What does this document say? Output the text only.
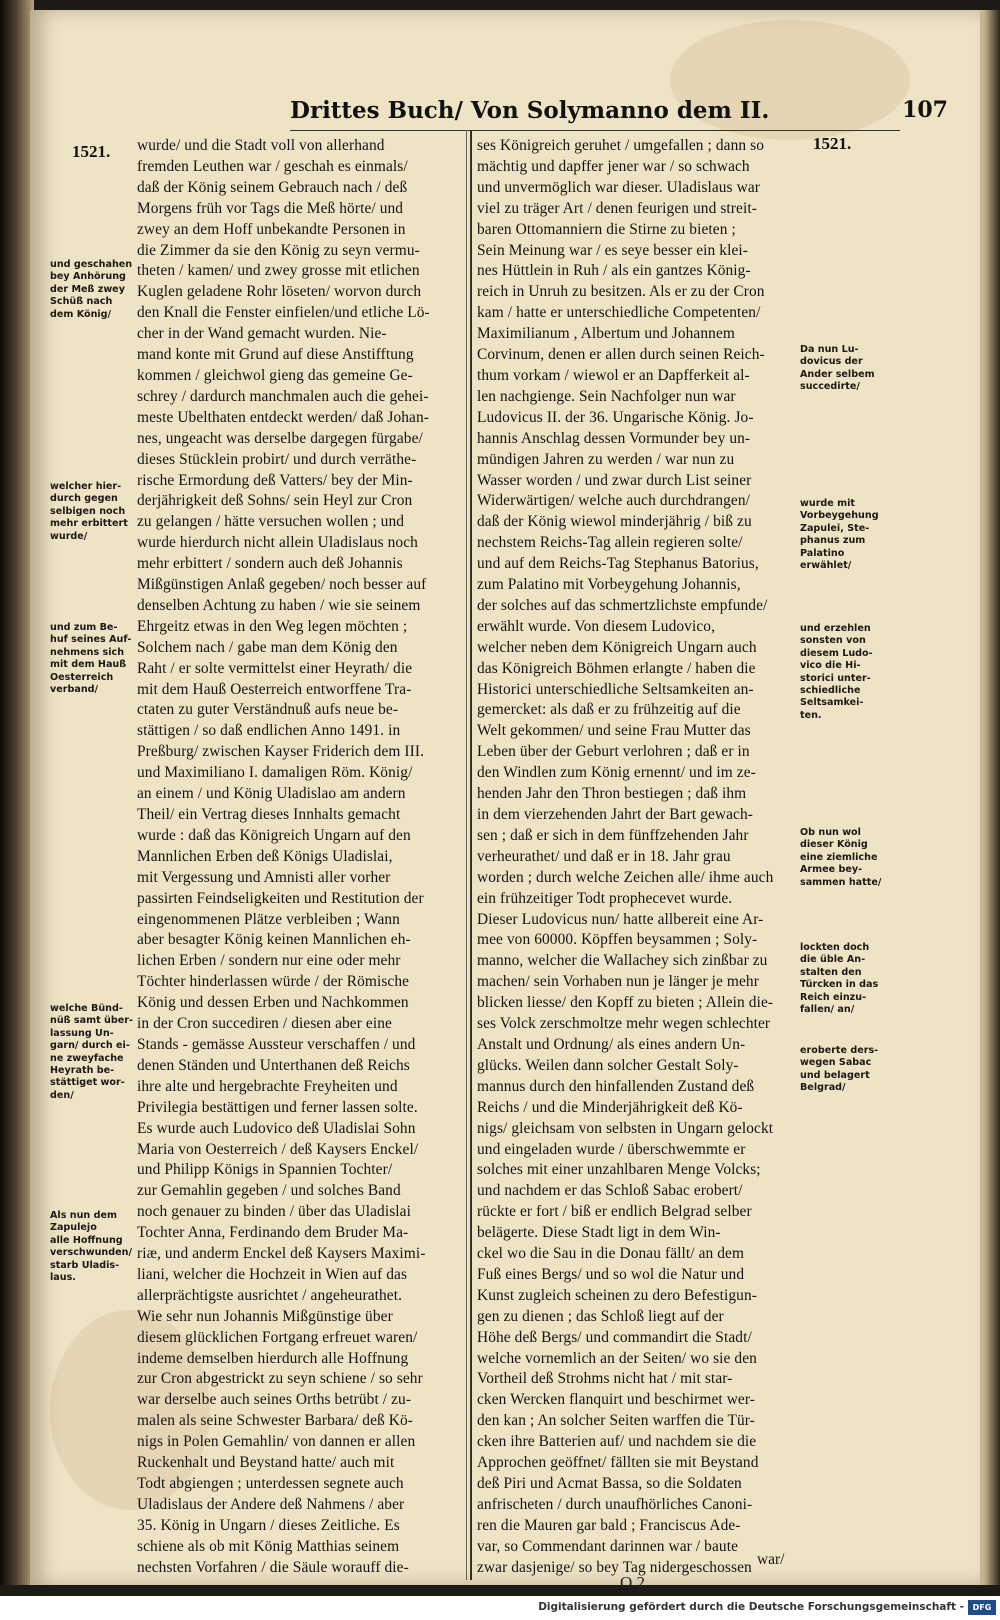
Drittes Buch/ Von Solymanno dem II.	107
1521.	1521.
wurde/ und die Stadt voll von allerhand
fremden Leuthen war / geschah es einmals/
daß der König seinem Gebrauch nach / deß
Morgens früh vor Tags die Meß hörte/ und
zwey an dem Hoff unbekandte Personen in
die Zimmer da sie den König zu seyn vermu-
theten / kamen/ und zwey grosse mit etlichen
Kuglen geladene Rohr löseten/ worvon durch
den Knall die Fenster einfielen/und etliche Lö-
cher in der Wand gemacht wurden. Nie-
mand konte mit Grund auf diese Anstifftung
kommen / gleichwol gieng das gemeine Ge-
schrey / dardurch manchmalen auch die gehei-
meste Ubelthaten entdeckt werden/ daß Johan-
nes, ungeacht was derselbe dargegen fürgabe/
dieses Stücklein probirt/ und durch verräthe-
rische Ermordung deß Vatters/ bey der Min-
derjährigkeit deß Sohns/ sein Heyl zur Cron
zu gelangen / hätte versuchen wollen ; und
wurde hierdurch nicht allein Uladislaus noch
mehr erbittert / sondern auch deß Johannis
Mißgünstigen Anlaß gegeben/ noch besser auf
denselben Achtung zu haben / wie sie seinem
Ehrgeitz etwas in den Weg legen möchten ;
Solchem nach / gabe man dem König den
Raht / er solte vermittelst einer Heyrath/ die
mit dem Hauß Oesterreich entworffene Tra-
ctaten zu guter Verständnuß aufs neue be-
stättigen / so daß endlichen Anno 1491. in
Preßburg/ zwischen Kayser Friderich dem III.
und Maximiliano I. damaligen Röm. König/
an einem / und König Uladislao am andern
Theil/ ein Vertrag dieses Innhalts gemacht
wurde : daß das Königreich Ungarn auf den
Mannlichen Erben deß Königs Uladislai,
mit Vergessung und Amnisti aller vorher
passirten Feindseligkeiten und Restitution der
eingenommenen Plätze verbleiben ; Wann
aber besagter König keinen Mannlichen eh-
lichen Erben / sondern nur eine oder mehr
Töchter hinderlassen würde / der Römische
König und dessen Erben und Nachkommen
in der Cron succediren / diesen aber eine
Stands - gemässe Aussteur verschaffen / und
denen Ständen und Unterthanen deß Reichs
ihre alte und hergebrachte Freyheiten und
Privilegia bestättigen und ferner lassen solte.
Es wurde auch Ludovico deß Uladislai Sohn
Maria von Oesterreich / deß Kaysers Enckel/
und Philipp Königs in Spannien Tochter/
zur Gemahlin gegeben / und solches Band
noch genauer zu binden / über das Uladislai
Tochter Anna, Ferdinando dem Bruder Ma-
riæ, und anderm Enckel deß Kaysers Maximi-
liani, welcher die Hochzeit in Wien auf das
allerprächtigste ausrichtet / angeheurathet.
Wie sehr nun Johannis Mißgünstige über
diesem glücklichen Fortgang erfreuet waren/
indeme demselben hierdurch alle Hoffnung
zur Cron abgestrickt zu seyn schiene / so sehr
war derselbe auch seines Orths betrübt / zu-
malen als seine Schwester Barbara/ deß Kö-
nigs in Polen Gemahlin/ von dannen er allen
Ruckenhalt und Beystand hatte/ auch mit
Todt abgiengen ; unterdessen segnete auch
Uladislaus der Andere deß Nahmens / aber
35. König in Ungarn / dieses Zeitliche. Es
schiene als ob mit König Matthias seinem
nechsten Vorfahren / die Säule worauff die-
ses Königreich geruhet / umgefallen ; dann so
mächtig und dapffer jener war / so schwach
und unvermöglich war dieser. Uladislaus war
viel zu träger Art / denen feurigen und streit-
baren Ottomanniern die Stirne zu bieten ;
Sein Meinung war / es seye besser ein klei-
nes Hüttlein in Ruh / als ein gantzes König-
reich in Unruh zu besitzen. Als er zu der Cron
kam / hatte er unterschiedliche Competenten/
Maximilianum , Albertum und Johannem
Corvinum, denen er allen durch seinen Reich-
thum vorkam / wiewol er an Dapfferkeit al-
len nachgienge. Sein Nachfolger nun war
Ludovicus II. der 36. Ungarische König. Jo-
hannis Anschlag dessen Vormunder bey un-
mündigen Jahren zu werden / war nun zu
Wasser worden / und zwar durch List seiner
Widerwärtigen/ welche auch durchdrangen/
daß der König wiewol minderjährig / biß zu
nechstem Reichs-Tag allein regieren solte/
und auf dem Reichs-Tag Stephanus Batorius,
zum Palatino mit Vorbeygehung Johannis,
der solches auf das schmertzlichste empfunde/
erwählt wurde. Von diesem Ludovico,
welcher neben dem Königreich Ungarn auch
das Königreich Böhmen erlangte / haben die
Historici unterschiedliche Seltsamkeiten an-
gemercket: als daß er zu frühzeitig auf die
Welt gekommen/ und seine Frau Mutter das
Leben über der Geburt verlohren ; daß er in
den Windlen zum König ernennt/ und im ze-
henden Jahr den Thron bestiegen ; daß ihm
in dem vierzehenden Jahrt der Bart gewach-
sen ; daß er sich in dem fünffzehenden Jahr
verheurathet/ und daß er in 18. Jahr grau
worden ; durch welche Zeichen alle/ ihme auch
ein frühzeitiger Todt prophecevet wurde.
Dieser Ludovicus nun/ hatte allbereit eine Ar-
mee von 60000. Köpffen beysammen ; Soly-
manno, welcher die Wallachey sich zinßbar zu
machen/ sein Vorhaben nun je länger je mehr
blicken liesse/ den Kopff zu bieten ; Allein die-
ses Volck zerschmoltze mehr wegen schlechter
Anstalt und Ordnung/ als eines andern Un-
glücks. Weilen dann solcher Gestalt Soly-
mannus durch den hinfallenden Zustand deß
Reichs / und die Minderjährigkeit deß Kö-
nigs/ gleichsam von selbsten in Ungarn gelockt
und eingeladen wurde / überschwemmte er
solches mit einer unzahlbaren Menge Volcks;
und nachdem er das Schloß Sabac erobert/
rückte er fort / biß er endlich Belgrad selber
belägerte. Diese Stadt ligt in dem Win-
ckel wo die Sau in die Donau fällt/ an dem
Fuß eines Bergs/ und so wol die Natur und
Kunst zugleich scheinen zu dero Befestigun-
gen zu dienen ; das Schloß liegt auf der
Höhe deß Bergs/ und commandirt die Stadt/
welche vornemlich an der Seiten/ wo sie den
Vortheil deß Strohms nicht hat / mit star-
cken Wercken flanquirt und beschirmet wer-
den kan ; An solcher Seiten warffen die Tür-
cken ihre Batterien auf/ und nachdem sie die
Approchen geöffnet/ fällten sie mit Beystand
deß Piri und Acmat Bassa, so die Soldaten
anfrischeten / durch unaufhörliches Canoni-
ren die Mauren gar bald ; Franciscus Ade-
var, so Commendant darinnen war / baute
zwar dasjenige/ so bey Tag nidergeschossen war/
und geschahen
bey Anhörung
der Meß zwey
Schüß nach
dem König/
welcher hier-
durch gegen
selbigen noch
mehr erbittert
wurde/
und zum Be-
huf seines Auf-
nehmens sich
mit dem Hauß
Oesterreich
verband/
welche Bünd-
nüß samt über-
lassung Un-
garn/ durch ei-
ne zweyfache
Heyrath be-
stättiget wor-
den/
Als nun dem
Zapulejo
alle Hoffnung
verschwunden/
starb Uladis-
laus.
Da nun Lu-
dovicus der
Ander selbem
succedirte/
wurde mit
Vorbeygehung
Zapulei, Ste-
phanus zum
Palatino
erwählet/
und erzehlen
sonsten von
diesem Ludo-
vico die Hi-
storici unter-
schiedliche
Seltsamkei-
ten.
Ob nun wol
dieser König
eine ziemliche
Armee bey-
sammen hatte/
lockten doch
die üble An-
stalten den
Türcken in das
Reich einzu-
fallen/ an/
eroberte ders-
wegen Sabac
und belagert
Belgrad/
O 2
Digitalisierung gefördert durch die Deutsche Forschungsgemeinschaft -	DFG
